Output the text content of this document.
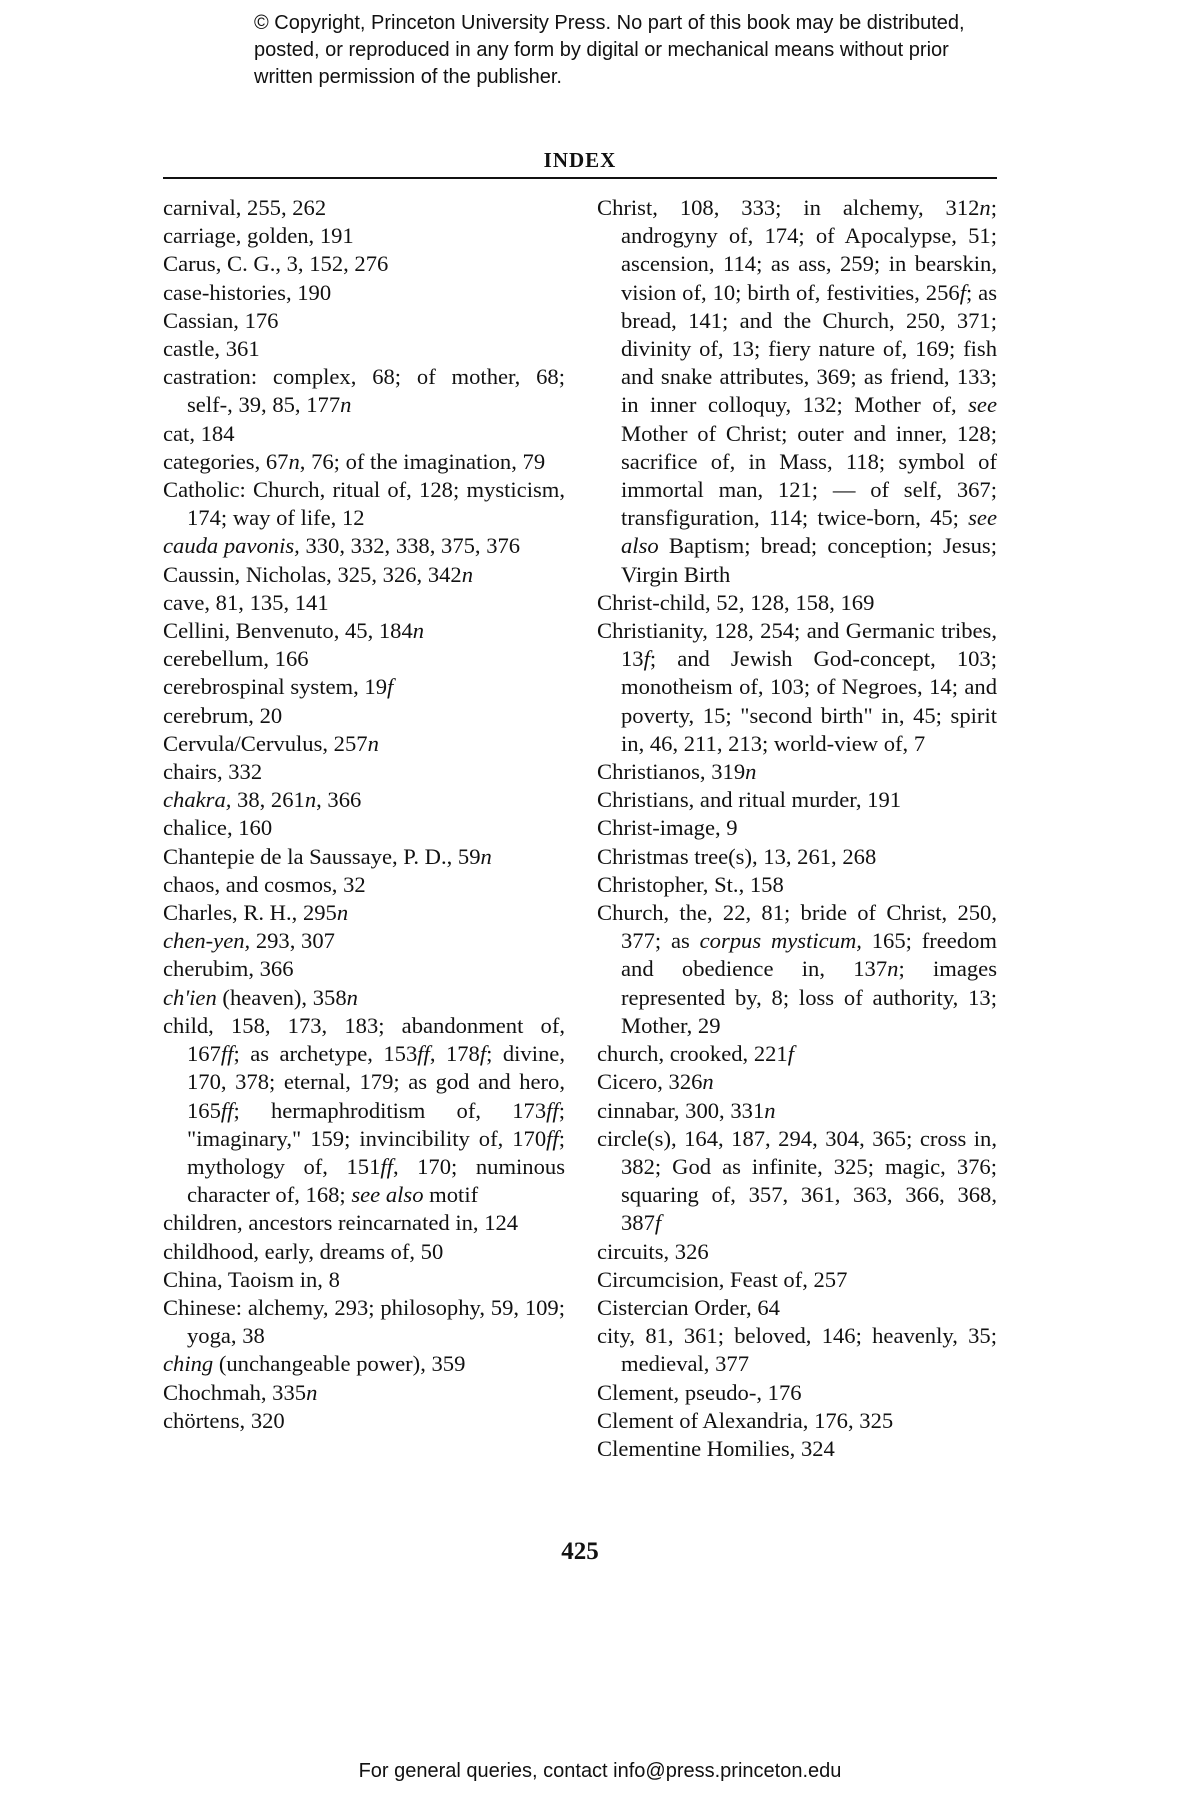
© Copyright, Princeton University Press. No part of this book may be distributed, posted, or reproduced in any form by digital or mechanical means without prior written permission of the publisher.
INDEX

carnival, 255, 262

carriage, golden, 191

Carus, C. G., 3, 152, 276

case-histories, 190

Cassian, 176

castle, 361

castration: complex, 68; of mother, 68; self-, 39, 85, 177n

cat, 184

categories, 67n, 76; of the imagination, 79

Catholic: Church, ritual of, 128; mysticism, 174; way of life, 12

cauda pavonis, 330, 332, 338, 375, 376

Caussin, Nicholas, 325, 326, 342n

cave, 81, 135, 141

Cellini, Benvenuto, 45, 184n

cerebellum, 166

cerebrospinal system, 19f

cerebrum, 20

Cervula/Cervulus, 257n

chairs, 332

chakra, 38, 261n, 366

chalice, 160

Chantepie de la Saussaye, P. D., 59n

chaos, and cosmos, 32

Charles, R. H., 295n

chen-yen, 293, 307

cherubim, 366

ch'ien (heaven), 358n

child, 158, 173, 183; abandonment of, 167ff; as archetype, 153ff, 178f; divine, 170, 378; eternal, 179; as god and hero, 165ff; hermaphroditism of, 173ff; "imaginary," 159; invincibility of, 170ff; mythology of, 151ff, 170; numinous character of, 168; see also motif

children, ancestors reincarnated in, 124

childhood, early, dreams of, 50

China, Taoism in, 8

Chinese: alchemy, 293; philosophy, 59, 109; yoga, 38

ching (unchangeable power), 359

Chochmah, 335n

chörtens, 320

Christ, 108, 333; in alchemy, 312n; androgyny of, 174; of Apocalypse, 51; ascension, 114; as ass, 259; in bearskin, vision of, 10; birth of, festivities, 256f; as bread, 141; and the Church, 250, 371; divinity of, 13; fiery nature of, 169; fish and snake attributes, 369; as friend, 133; in inner colloquy, 132; Mother of, see Mother of Christ; outer and inner, 128; sacrifice of, in Mass, 118; symbol of immortal man, 121; — of self, 367; transfiguration, 114; twice-born, 45; see also Baptism; bread; conception; Jesus; Virgin Birth

Christ-child, 52, 128, 158, 169

Christianity, 128, 254; and Germanic tribes, 13f; and Jewish God-concept, 103; monotheism of, 103; of Negroes, 14; and poverty, 15; "second birth" in, 45; spirit in, 46, 211, 213; world-view of, 7

Christianos, 319n

Christians, and ritual murder, 191

Christ-image, 9

Christmas tree(s), 13, 261, 268

Christopher, St., 158

Church, the, 22, 81; bride of Christ, 250, 377; as corpus mysticum, 165; freedom and obedience in, 137n; images represented by, 8; loss of authority, 13; Mother, 29

church, crooked, 221f

Cicero, 326n

cinnabar, 300, 331n

circle(s), 164, 187, 294, 304, 365; cross in, 382; God as infinite, 325; magic, 376; squaring of, 357, 361, 363, 366, 368, 387f

circuits, 326

Circumcision, Feast of, 257

Cistercian Order, 64

city, 81, 361; beloved, 146; heavenly, 35; medieval, 377

Clement, pseudo-, 176

Clement of Alexandria, 176, 325

Clementine Homilies, 324

425
For general queries, contact info@press.princeton.edu
